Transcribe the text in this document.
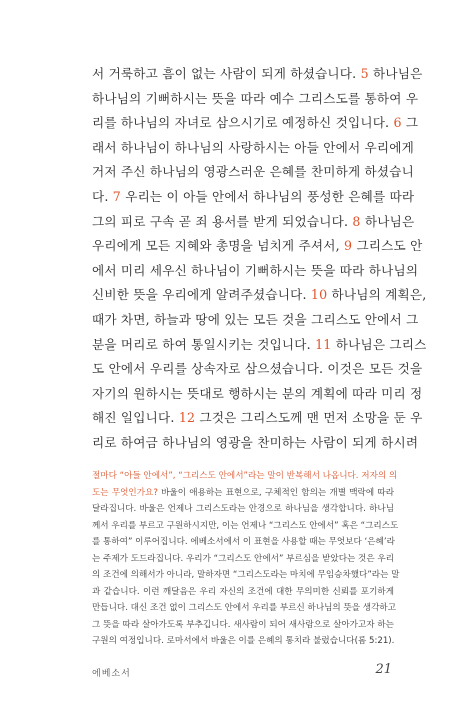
서 거룩하고 흠이 없는 사람이 되게 하셨습니다. 5 하나님은
하나님의 기뻐하시는 뜻을 따라 예수 그리스도를 통하여 우
리를 하나님의 자녀로 삼으시기로 예정하신 것입니다. 6 그
래서 하나님이 하나님의 사랑하시는 아들 안에서 우리에게
거저 주신 하나님의 영광스러운 은혜를 찬미하게 하셨습니
다. 7 우리는 이 아들 안에서 하나님의 풍성한 은혜를 따라
그의 피로 구속 곧 죄 용서를 받게 되었습니다. 8 하나님은
우리에게 모든 지혜와 총명을 넘치게 주셔서, 9 그리스도 안
에서 미리 세우신 하나님이 기뻐하시는 뜻을 따라 하나님의
신비한 뜻을 우리에게 알려주셨습니다. 10 하나님의 계획은,
때가 차면, 하늘과 땅에 있는 모든 것을 그리스도 안에서 그
분을 머리로 하여 통일시키는 것입니다. 11 하나님은 그리스
도 안에서 우리를 상속자로 삼으셨습니다. 이것은 모든 것을
자기의 원하시는 뜻대로 행하시는 분의 계획에 따라 미리 정
해진 일입니다. 12 그것은 그리스도께 맨 먼저 소망을 둔 우
리로 하여금 하나님의 영광을 찬미하는 사람이 되게 하시려
절마다 “아들 안에서”, “그리스도 안에서”라는 말이 반복해서 나옵니다. 저자의 의
도는 무엇인가요? 바울이 애용하는 표현으로, 구체적인 함의는 개별 맥락에 따라
달라집니다. 바울은 언제나 그리스도라는 안경으로 하나님을 생각합니다. 하나님
께서 우리를 부르고 구원하시지만, 이는 언제나 “그리스도 안에서” 혹은 “그리스도
를 통하여” 이루어집니다. 에베소서에서 이 표현을 사용할 때는 무엇보다 ‘은혜’라
는 주제가 도드라집니다. 우리가 “그리스도 안에서” 부르심을 받았다는 것은 우리
의 조건에 의해서가 아니라, 말하자면 “그리스도라는 마치에 무임승차했다”라는 말
과 같습니다. 이런 깨달음은 우리 자신의 조건에 대한 무의미한 신뢰를 포기하게
만듭니다. 대신 조건 없이 그리스도 안에서 우리를 부르신 하나님의 뜻을 생각하고
그 뜻을 따라 살아가도록 부추깁니다. 새사람이 되어 새사람으로 살아가고자 하는
구원의 여정입니다. 로마서에서 바울은 이를 은혜의 통치라 불렀습니다(롬 5:21).
에베소서	21
